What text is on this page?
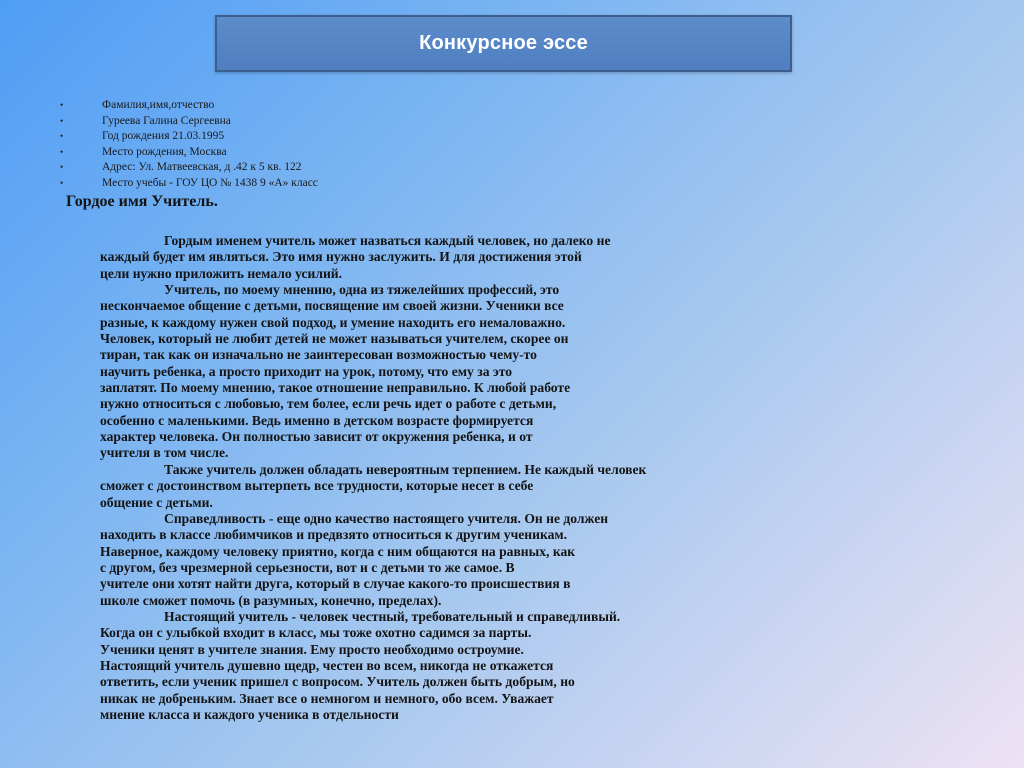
Конкурсное эссе
•	Фамилия,имя,отчество
•	Гуреева Галина Сергеевна
•	Год рождения 21.03.1995
•	Место рождения, Москва
•	Адрес: Ул. Матвеевская, д .42 к 5 кв. 122
•	Место учебы - ГОУ ЦО № 1438 9 «А» класс
Гордое имя Учитель.
Гордым именем учитель может назваться каждый человек, но далеко не
каждый будет им являться. Это имя нужно заслужить. И для достижения этой
цели нужно приложить немало усилий.
Учитель, по моему мнению, одна из тяжелейших профессий, это
нескончаемое общение с детьми, посвящение им своей жизни. Ученики все
разные, к каждому нужен свой подход, и умение находить его немаловажно.
Человек, который не любит детей не может называться учителем, скорее он
тиран, так как он изначально не заинтересован возможностью чему-то
научить ребенка, а просто приходит на урок, потому, что ему за это
заплатят. По моему мнению, такое отношение неправильно. К любой работе
нужно относиться с любовью, тем более, если речь идет о работе с детьми,
особенно с маленькими. Ведь именно в детском возрасте формируется
характер человека. Он полностью зависит от окружения ребенка, и от
учителя в том числе.
Также учитель должен обладать невероятным терпением. Не каждый человек
сможет с достоинством вытерпеть все трудности, которые несет в себе
общение с детьми.
Справедливость - еще одно качество настоящего учителя. Он не должен
находить в классе любимчиков и предвзято относиться к другим ученикам.
Наверное, каждому человеку приятно, когда с ним общаются на равных, как
с другом, без чрезмерной серьезности, вот и с детьми то же самое. В
учителе они хотят найти друга, который в случае какого-то происшествия в
школе сможет помочь (в разумных, конечно, пределах).
Настоящий учитель - человек честный, требовательный и справедливый.
Когда он с улыбкой входит в класс, мы тоже охотно садимся за парты.
Ученики ценят в учителе знания. Ему просто необходимо остроумие.
Настоящий учитель душевно щедр, честен во всем, никогда не откажется
ответить, если ученик пришел с вопросом. Учитель должен быть добрым, но
никак не добреньким. Знает все о немногом и немного, обо всем. Уважает
мнение класса и каждого ученика в отдельности
